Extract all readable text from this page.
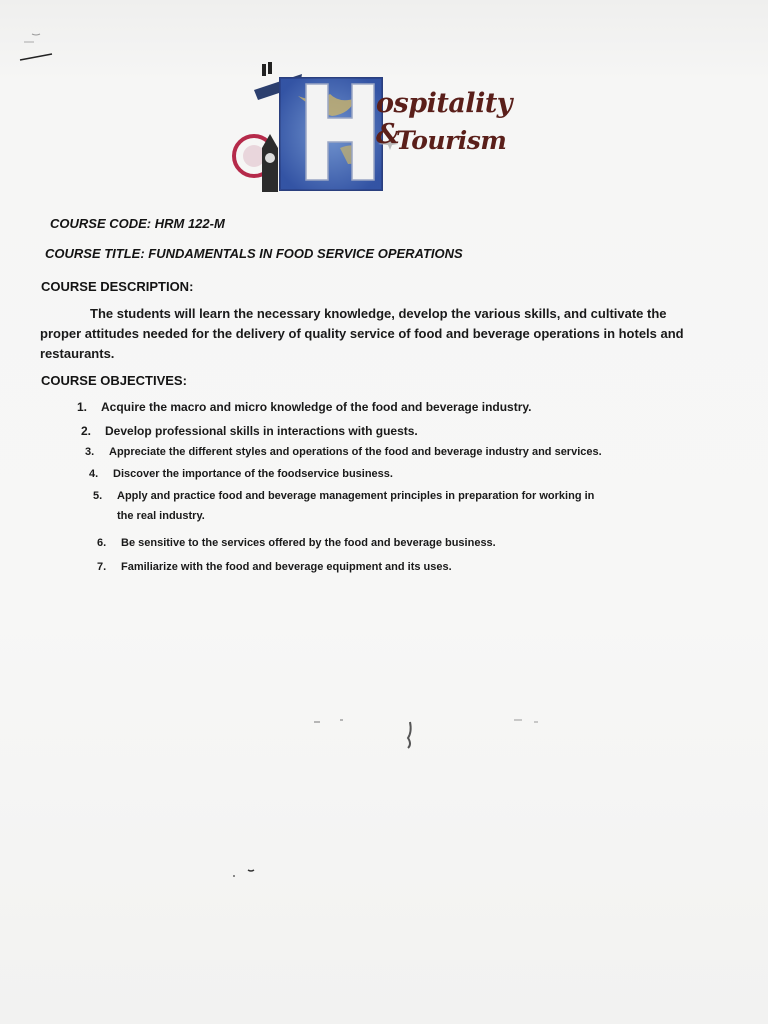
ospitality &
Tourism
COURSE CODE: HRM 122-M
COURSE TITLE: FUNDAMENTALS IN FOOD SERVICE OPERATIONS
COURSE DESCRIPTION:
The students will learn the necessary knowledge, develop the various skills, and cultivate the proper attitudes needed for the delivery of quality service of food and beverage operations in hotels and restaurants.
COURSE OBJECTIVES:
1. Acquire the macro and micro knowledge of the food and beverage industry.
2. Develop professional skills in interactions with guests.
3. Appreciate the different styles and operations of the food and beverage industry and services.
4. Discover the importance of the foodservice business.
5. Apply and practice food and beverage management principles in preparation for working in
the real industry.
6. Be sensitive to the services offered by the food and beverage business.
7. Familiarize with the food and beverage equipment and its uses.
